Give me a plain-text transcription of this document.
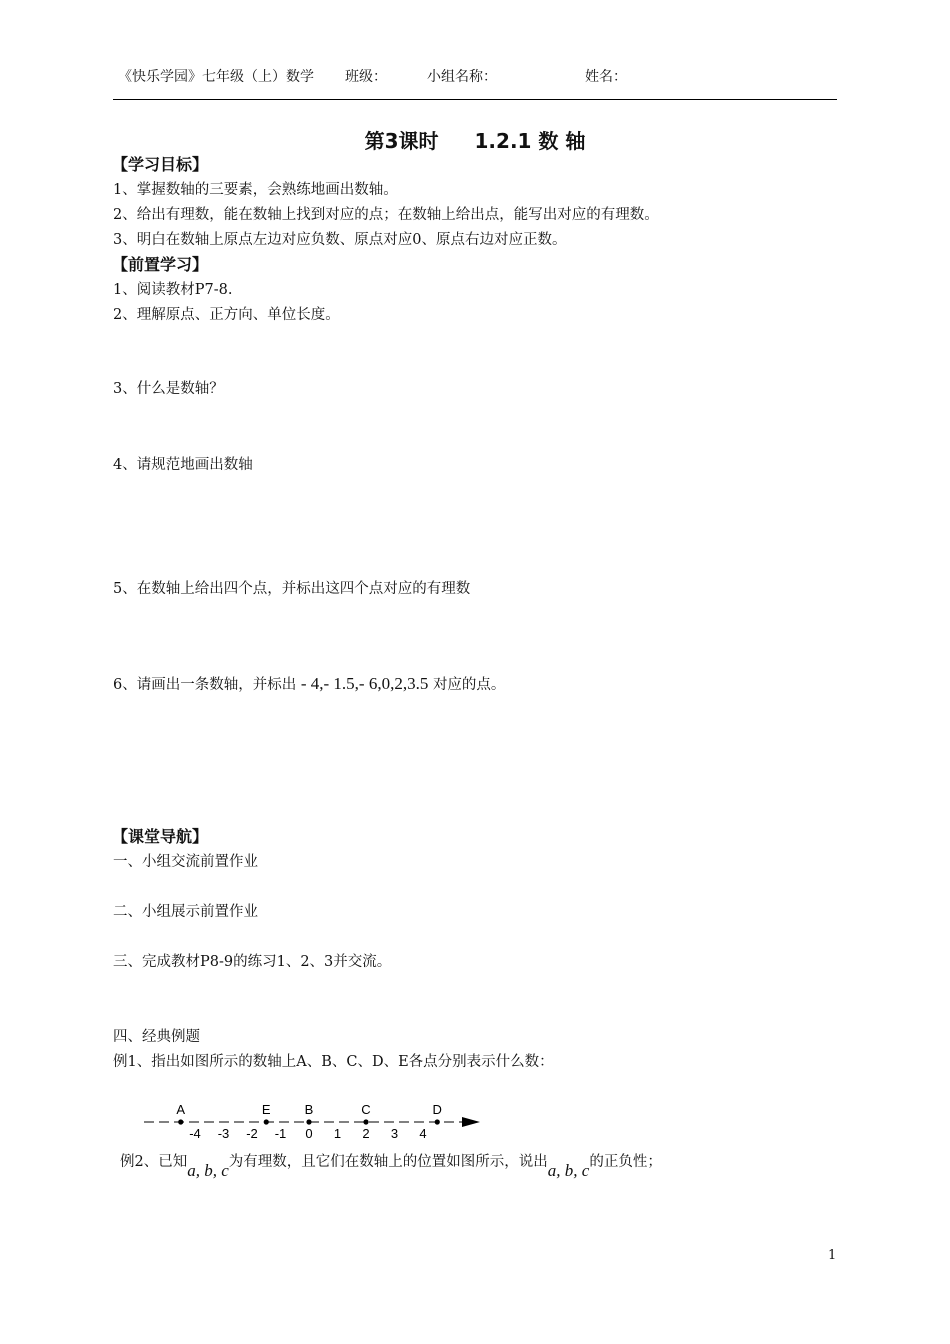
《快乐学园》七年级（上）数学 班级：	小组名称：	姓名：
第3课时 1.2.1 数 轴
【学习目标】
1、掌握数轴的三要素，会熟练地画出数轴。
2、给出有理数，能在数轴上找到对应的点；在数轴上给出点，能写出对应的有理数。
3、明白在数轴上原点左边对应负数、原点对应0、原点右边对应正数。
【前置学习】
1、阅读教材P7-8.
2、理解原点、正方向、单位长度。
3、什么是数轴？
4、请规范地画出数轴
5、在数轴上给出四个点，并标出这四个点对应的有理数
6、请画出一条数轴，并标出 - 4,- 1.5,- 6,0,2,3.5 对应的点。
【课堂导航】
一、小组交流前置作业
二、小组展示前置作业
三、完成教材P8-9的练习1、2、3并交流。
四、经典例题
例1、指出如图所示的数轴上A、B、C、D、E各点分别表示什么数：
-4 -3 -2 -1 0 1 2 3 4
A	E	B	C	D
例2、已知a, b, c为有理数，且它们在数轴上的位置如图所示，说出a, b, c的正负性；
1
